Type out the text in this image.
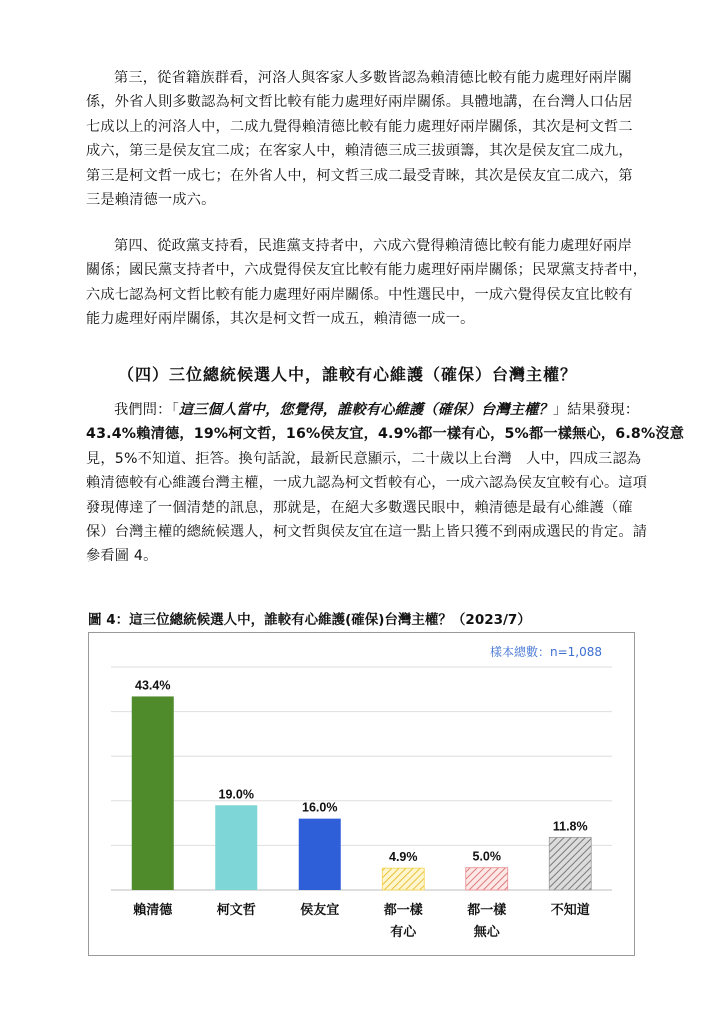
第三，從省籍族群看，河洛人與客家人多數皆認為賴清德比較有能力處理好兩岸關
係，外省人則多數認為柯文哲比較有能力處理好兩岸關係。具體地講，在台灣人口佔居
七成以上的河洛人中，二成九覺得賴清德比較有能力處理好兩岸關係，其次是柯文哲二
成六，第三是侯友宜二成；在客家人中，賴清德三成三拔頭籌，其次是侯友宜二成九，
第三是柯文哲一成七；在外省人中，柯文哲三成二最受青睞，其次是侯友宜二成六，第
三是賴清德一成六。
第四、從政黨支持看，民進黨支持者中，六成六覺得賴清德比較有能力處理好兩岸
關係；國民黨支持者中，六成覺得侯友宜比較有能力處理好兩岸關係；民眾黨支持者中，
六成七認為柯文哲比較有能力處理好兩岸關係。中性選民中，一成六覺得侯友宜比較有
能力處理好兩岸關係，其次是柯文哲一成五，賴清德一成一。
（四）三位總統候選人中，誰較有心維護（確保）台灣主權？
我們問：「這三個人當中，您覺得，誰較有心維護（確保）台灣主權？」結果發現：
43.4%賴清德，19%柯文哲，16%侯友宜，4.9%都一樣有心，5%都一樣無心，6.8%沒意
見，5%不知道、拒答。換句話說，最新民意顯示，二十歲以上台灣　人中，四成三認為
賴清德較有心維護台灣主權，一成九認為柯文哲較有心，一成六認為侯友宜較有心。這項
發現傳達了一個清楚的訊息，那就是，在絕大多數選民眼中，賴清德是最有心維護（確
保）台灣主權的總統候選人，柯文哲與侯友宜在這一點上皆只獲不到兩成選民的肯定。請
參看圖 4。
圖 4：這三位總統候選人中，誰較有心維護(確保)台灣主權？（2023/7）
樣本總數：n=1,088
43.4%
19.0%
16.0%
4.9%	5.0%
11.8%
賴清德	柯文哲	侯友宜	都一樣
有心
都一樣
無心
不知道
